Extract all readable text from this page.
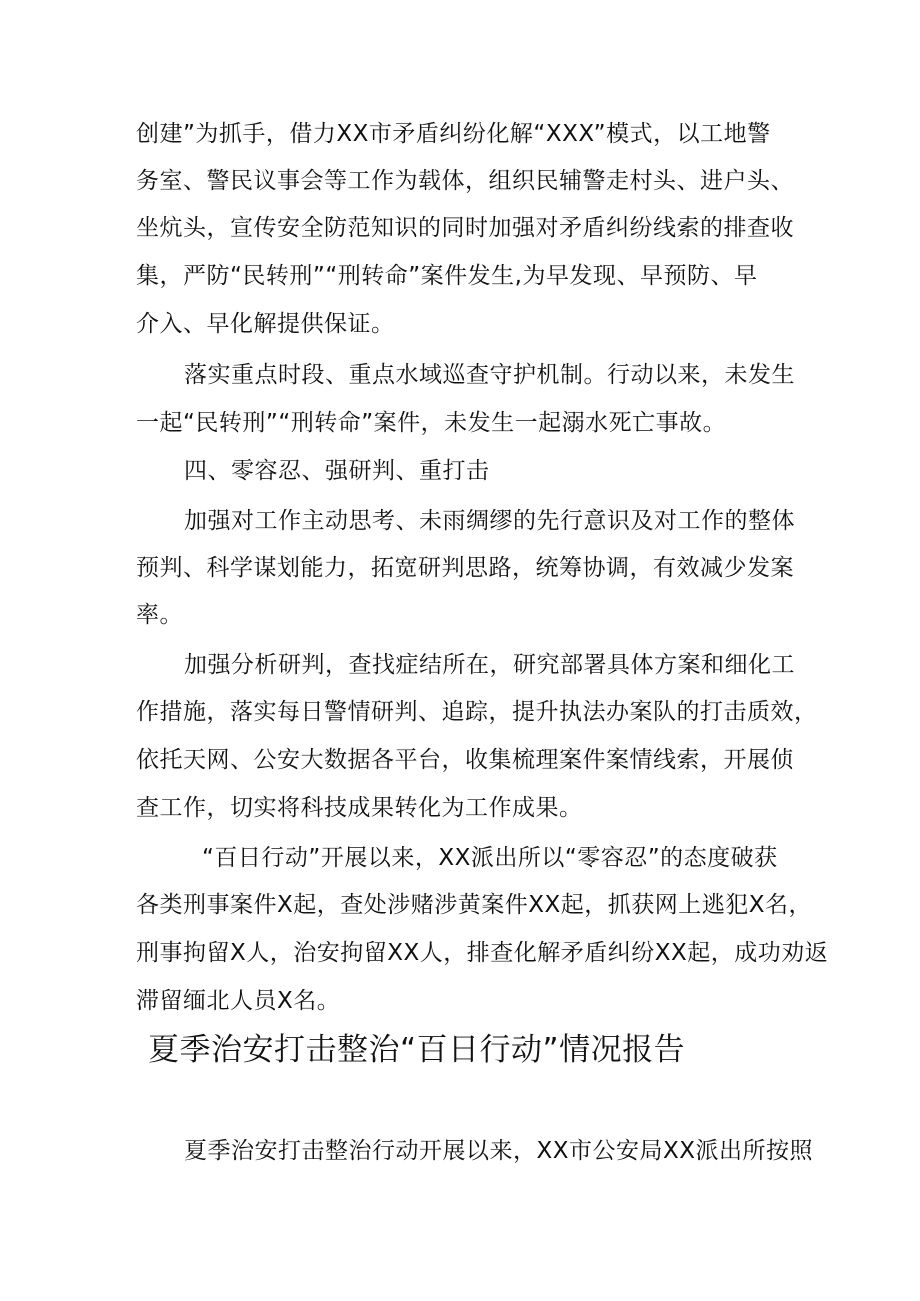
创建”为抓手，借力XX市矛盾纠纷化解“XXX”模式，以工地警
务室、警民议事会等工作为载体，组织民辅警走村头、进户头、
坐炕头，宣传安全防范知识的同时加强对矛盾纠纷线索的排查收
集，严防“民转刑”“刑转命”案件发生,为早发现、早预防、早
介入、早化解提供保证。
落实重点时段、重点水域巡查守护机制。行动以来，未发生
一起“民转刑”“刑转命”案件，未发生一起溺水死亡事故。
四、零容忍、强研判、重打击
加强对工作主动思考、未雨绸缪的先行意识及对工作的整体
预判、科学谋划能力，拓宽研判思路，统筹协调，有效减少发案
率。
加强分析研判，查找症结所在，研究部署具体方案和细化工
作措施，落实每日警情研判、追踪，提升执法办案队的打击质效，
依托天网、公安大数据各平台，收集梳理案件案情线索，开展侦
查工作，切实将科技成果转化为工作成果。
“百日行动”开展以来，XX派出所以“零容忍”的态度破获
各类刑事案件X起，查处涉赌涉黄案件XX起，抓获网上逃犯X名，
刑事拘留X人，治安拘留XX人，排查化解矛盾纠纷XX起，成功劝返
滞留缅北人员X名。
夏季治安打击整治“百日行动”情况报告
夏季治安打击整治行动开展以来，XX市公安局XX派出所按照
